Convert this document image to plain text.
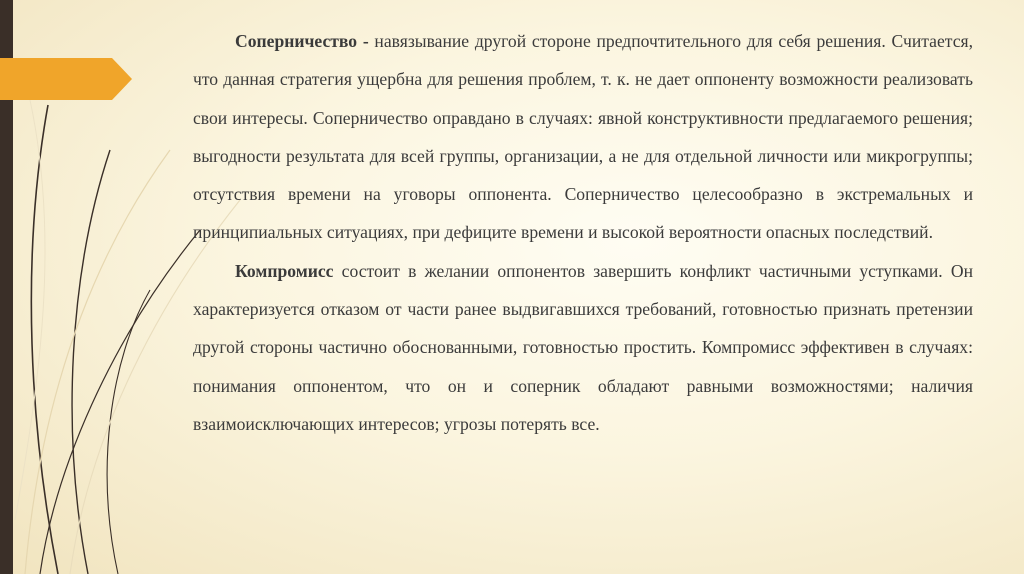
Соперничество - навязывание другой стороне предпочтительного для себя решения. Считается, что данная стратегия ущербна для решения проблем, т. к. не дает оппоненту возможности реализовать свои интересы. Соперничество оправдано в случаях: явной конструктивности предлагаемого решения; выгодности результата для всей группы, организации, а не для отдельной личности или микрогруппы; отсутствия времени на уговоры оппонента. Соперничество целесообразно в экстремальных и принципиальных ситуациях, при дефиците времени и высокой вероятности опасных последствий.

Компромисс состоит в желании оппонентов завершить конфликт частичными уступками. Он характеризуется отказом от части ранее выдвигавшихся требований, готовностью признать претензии другой стороны частично обоснованными, готовностью простить. Компромисс эффективен в случаях: понимания оппонентом, что он и соперник обладают равными возможностями; наличия взаимоисключающих интересов; угрозы потерять все.
